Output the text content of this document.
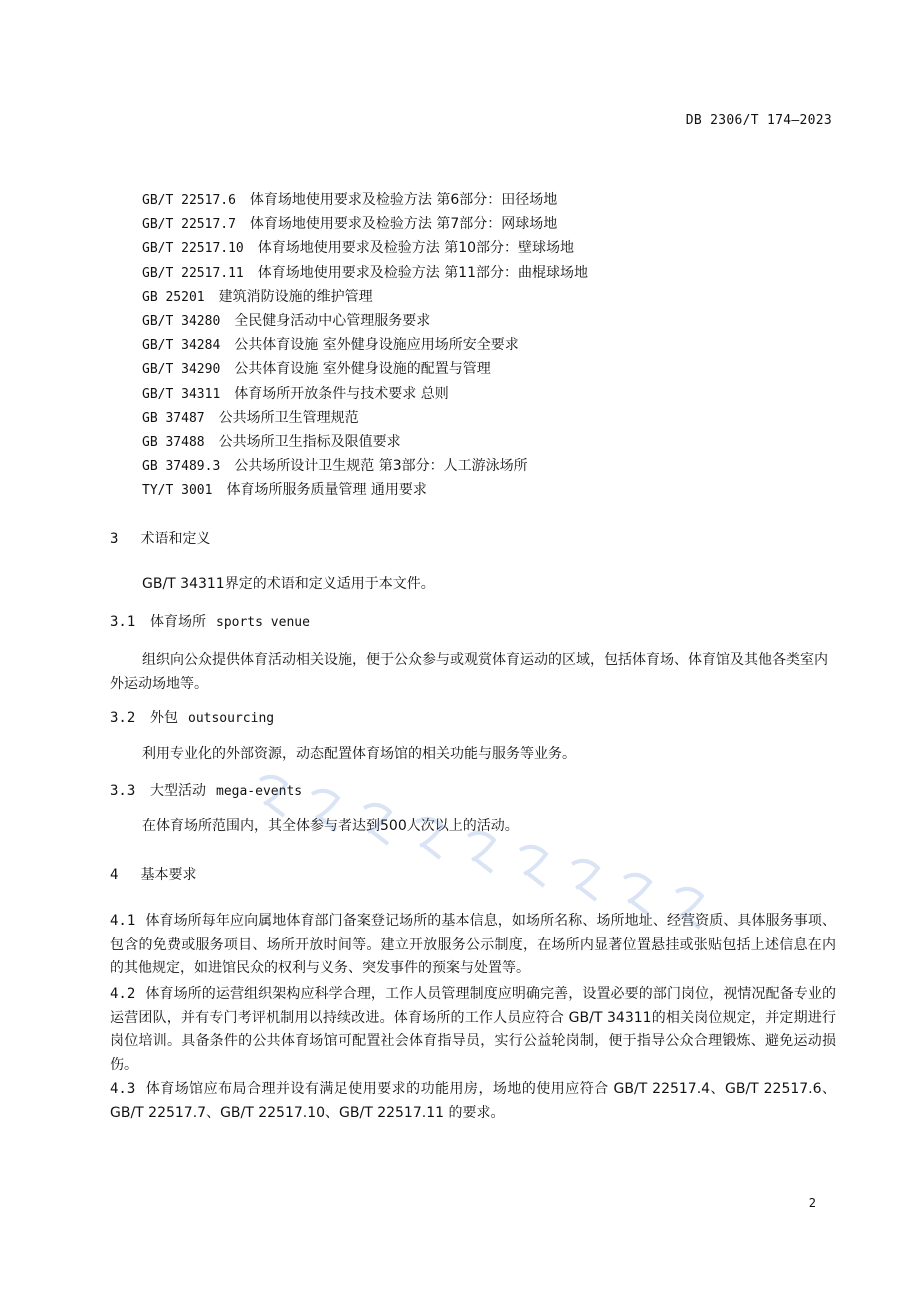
DB 2306/T 174—2023
GB/T 22517.6 体育场地使用要求及检验方法 第6部分：田径场地
GB/T 22517.7 体育场地使用要求及检验方法 第7部分：网球场地
GB/T 22517.10 体育场地使用要求及检验方法 第10部分：壁球场地
GB/T 22517.11 体育场地使用要求及检验方法 第11部分：曲棍球场地
GB 25201 建筑消防设施的维护管理
GB/T 34280 全民健身活动中心管理服务要求
GB/T 34284 公共体育设施 室外健身设施应用场所安全要求
GB/T 34290 公共体育设施 室外健身设施的配置与管理
GB/T 34311 体育场所开放条件与技术要求 总则
GB 37487 公共场所卫生管理规范
GB 37488 公共场所卫生指标及限值要求
GB 37489.3 公共场所设计卫生规范 第3部分：人工游泳场所
TY/T 3001 体育场所服务质量管理 通用要求
3 术语和定义
GB/T 34311界定的术语和定义适用于本文件。
3.1 体育场所 sports venue
组织向公众提供体育活动相关设施，便于公众参与或观赏体育运动的区域，包括体育场、体育馆及其他各类室内外运动场地等。
3.2 外包 outsourcing
利用专业化的外部资源，动态配置体育场馆的相关功能与服务等业务。
3.3 大型活动 mega-events
在体育场所范围内，其全体参与者达到500人次以上的活动。
4 基本要求
4.1 体育场所每年应向属地体育部门备案登记场所的基本信息，如场所名称、场所地址、经营资质、具体服务事项、包含的免费或服务项目、场所开放时间等。建立开放服务公示制度，在场所内显著位置悬挂或张贴包括上述信息在内的其他规定，如进馆民众的权利与义务、突发事件的预案与处置等。
4.2 体育场所的运营组织架构应科学合理，工作人员管理制度应明确完善，设置必要的部门岗位，视情况配备专业的运营团队，并有专门考评机制用以持续改进。体育场所的工作人员应符合 GB/T 34311的相关岗位规定，并定期进行岗位培训。具备条件的公共体育场馆可配置社会体育指导员，实行公益轮岗制，便于指导公众合理锻炼、避免运动损伤。
4.3 体育场馆应布局合理并设有满足使用要求的功能用房，场地的使用应符合 GB/T 22517.4、GB/T 22517.6、GB/T 22517.7、GB/T 22517.10、GB/T 22517.11 的要求。
2
